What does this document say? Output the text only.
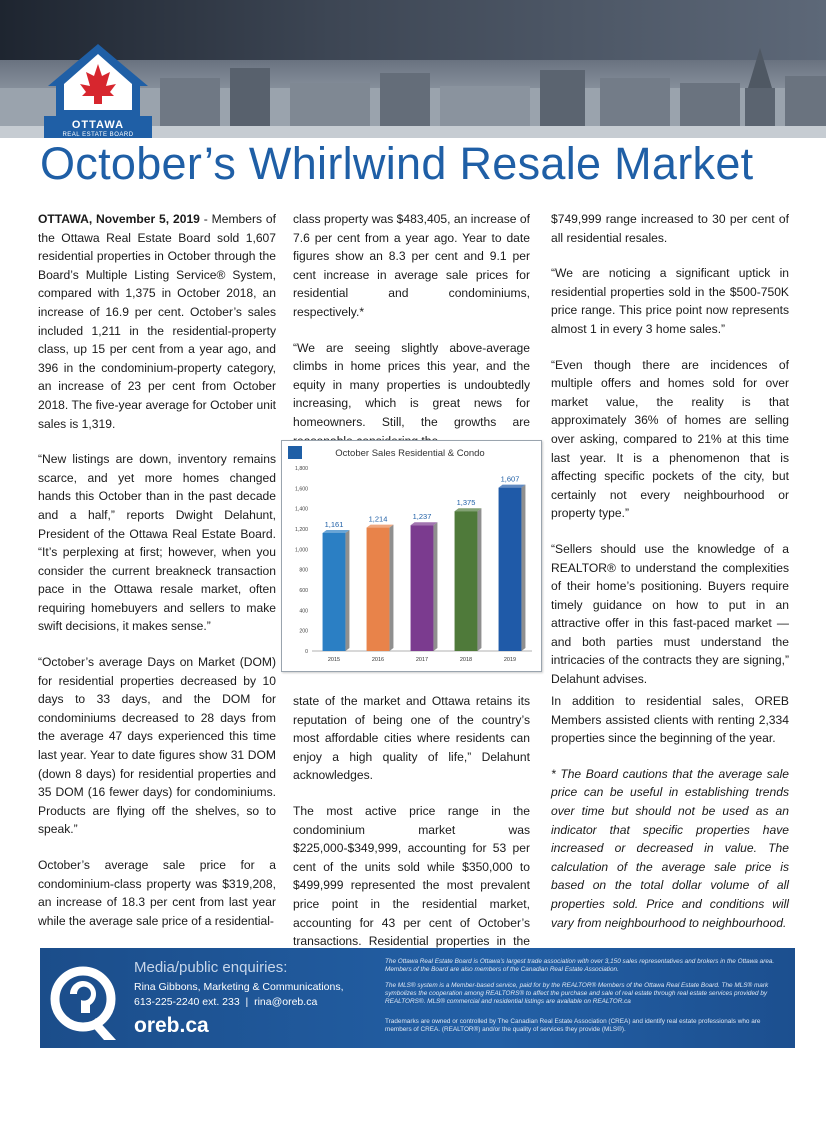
OTTAWA
REAL ESTATE BOARD
October’s Whirlwind Resale Market

OTTAWA, November 5, 2019 - Members of the Ottawa Real Estate Board sold 1,607 residential properties in October through the Board’s Multiple Listing Service® System, compared with 1,375 in October 2018, an increase of 16.9 per cent. October’s sales included 1,211 in the residential-property class, up 15 per cent from a year ago, and 396 in the condominium-property category, an increase of 23 per cent from October 2018. The five-year average for October unit sales is 1,319.

“New listings are down, inventory remains scarce, and yet more homes changed hands this October than in the past decade and a half,” reports Dwight Delahunt, President of the Ottawa Real Estate Board. “It’s perplexing at first; however, when you consider the current breakneck transaction pace in the Ottawa resale market, often requiring homebuyers and sellers to make swift decisions, it makes sense.”

“October’s average Days on Market (DOM) for residential properties decreased by 10 days to 33 days, and the DOM for condominiums decreased to 28 days from the average 47 days experienced this time last year. Year to date figures show 31 DOM (down 8 days) for residential properties and 35 DOM (16 fewer days) for condominiums. Products are flying off the shelves, so to speak.”

October’s average sale price for a condominium-class property was $319,208, an increase of 18.3 per cent from last year while the average sale price of a residential-

class property was $483,405, an increase of 7.6 per cent from a year ago. Year to date figures show an 8.3 per cent and 9.1 per cent increase in average sale prices for residential and condominiums, respectively.*

“We are seeing slightly above-average climbs in home prices this year, and the equity in many properties is undoubtedly increasing, which is great news for homeowners. Still, the growths are

October Sales Residential & Condo
0
200
400
600
800
1,000
1,200
1,400
1,600
1,800
1,161
2015
1,214
2016
1,237
2017
1,375
2018
1,607
2019

state of the market and Ottawa retains its reputation of being one of the country’s most affordable cities where residents can enjoy a high quality of life,” Delahunt acknowledges.

The most active price range in the condominium market was $225,000-$349,999, accounting for 53 per cent of the units sold while $350,000 to $499,999 represented the most prevalent price point in the residential market, accounting for 43 per cent of October’s transactions. Residential properties in the

$749,999 range increased to 30 per cent of all residential resales.

“We are noticing a significant uptick in residential properties sold in the $500-750K price range. This price point now represents almost 1 in every 3 home sales.”

“Even though there are incidences of multiple offers and homes sold for over market value, the reality is that approximately 36% of homes are selling over asking, compared to 21% at this time last year. It is a phenomenon that is affecting specific pockets of the city, but certainly not every neighbourhood or property type.”

“Sellers should use the knowledge of a REALTOR® to understand the complexities of their home’s positioning. Buyers require timely guidance on how to put in an attractive offer in this fast-paced market — and both parties must understand the intricacies of the contracts they are signing,” Delahunt advises.

In addition to residential sales, OREB Members assisted clients with renting 2,334 properties since the beginning of the year.

* The Board cautions that the average sale price can be useful in establishing trends over time but should not be used as an indicator that specific properties have increased or decreased in value. The calculation of the average sale price is based on the total dollar volume of all properties sold. Price and conditions will vary from neighbourhood to neighbourhood.

Media/public enquiries:
Rina Gibbons, Marketing & Communications,
613-225-2240 ext. 233 | rina@oreb.ca
oreb.ca
The Ottawa Real Estate Board is Ottawa’s largest trade association with over 3,150 sales representatives and brokers in the Ottawa area. Members of the Board are also members of the Canadian Real Estate Association.
The MLS® system is a Member-based service, paid for by the REALTOR® Members of the Ottawa Real Estate Board. The MLS® mark symbolizes the cooperation among REALTORS® to affect the purchase and sale of real estate through real estate services provided by REALTORS®. MLS® commercial and residential listings are available on REALTOR.ca
Trademarks are owned or controlled by The Canadian Real Estate Association (CREA) and identify real estate professionals who are members of CREA. (REALTOR®) and/or the quality of services they provide (MLS®).
